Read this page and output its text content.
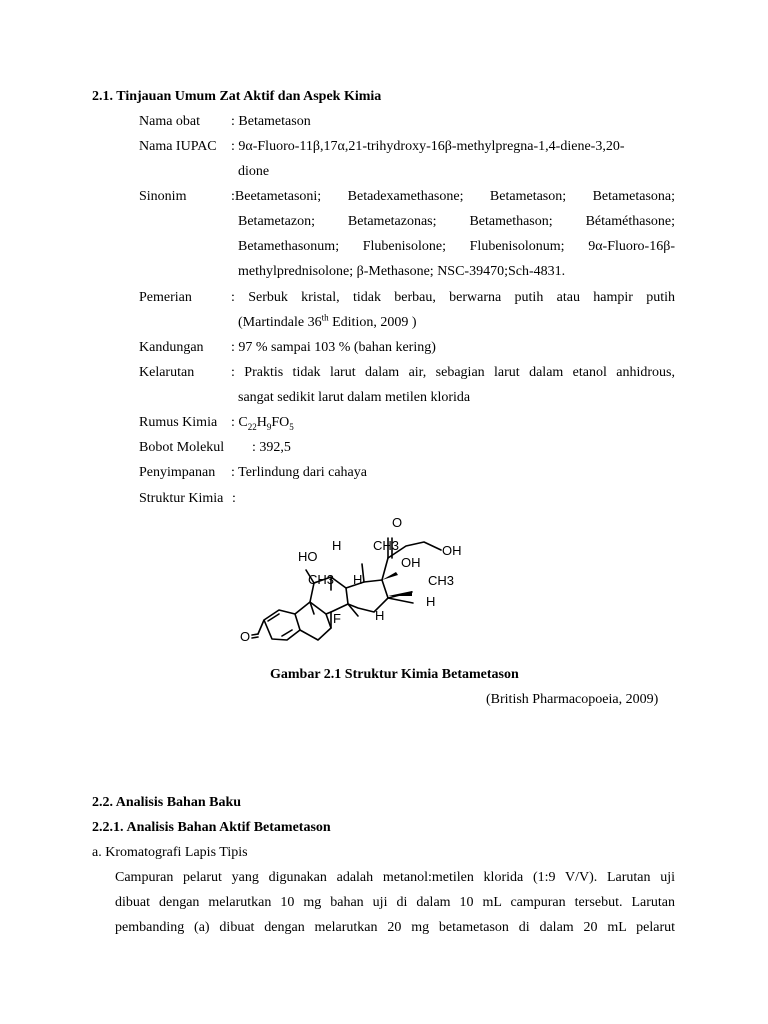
2.1. Tinjauan Umum Zat Aktif dan Aspek Kimia
Nama obat : Betametason
Nama IUPAC : 9α-Fluoro-11β,17α,21-trihydroxy-16β-methylpregna-1,4-diene-3,20-
dione
Sinonim	:Beetametasoni; Betadexamethasone; Betametason; Betametasona;
Betametazon; Betametazonas; Betamethason; Bétaméthasone;
Betamethasonum; Flubenisolone; Flubenisolonum; 9α-Fluoro-16β-
methylprednisolone; β-Methasone; NSC-39470;Sch-4831.
Pemerian	: Serbuk kristal, tidak berbau, berwarna putih atau hampir putih
(Martindale 36th Edition, 2009 )
Kandungan : 97 % sampai 103 % (bahan kering)
Kelarutan	: Praktis tidak larut dalam air, sebagian larut dalam etanol anhidrous,
sangat sedikit larut dalam metilen klorida
Rumus Kimia : $C_{22}H_9FO_5$
Bobot Molekul : 392,5
Penyimpanan : Terlindung dari cahaya
Struktur Kimia :
O
OH
HO
H CH3
OH
CH3 H	CH3
H
F	H
O
Gambar 2.1 Struktur Kimia Betametason
(British Pharmacopoeia, 2009)
2.2. Analisis Bahan Baku
2.2.1. Analisis Bahan Aktif Betametason
a. Kromatografi Lapis Tipis
Campuran pelarut yang digunakan adalah metanol:metilen klorida (1:9 V/V). Larutan uji
dibuat dengan melarutkan 10 mg bahan uji di dalam 10 mL campuran tersebut. Larutan
pembanding (a) dibuat dengan melarutkan 20 mg betametason di dalam 20 mL pelarut
